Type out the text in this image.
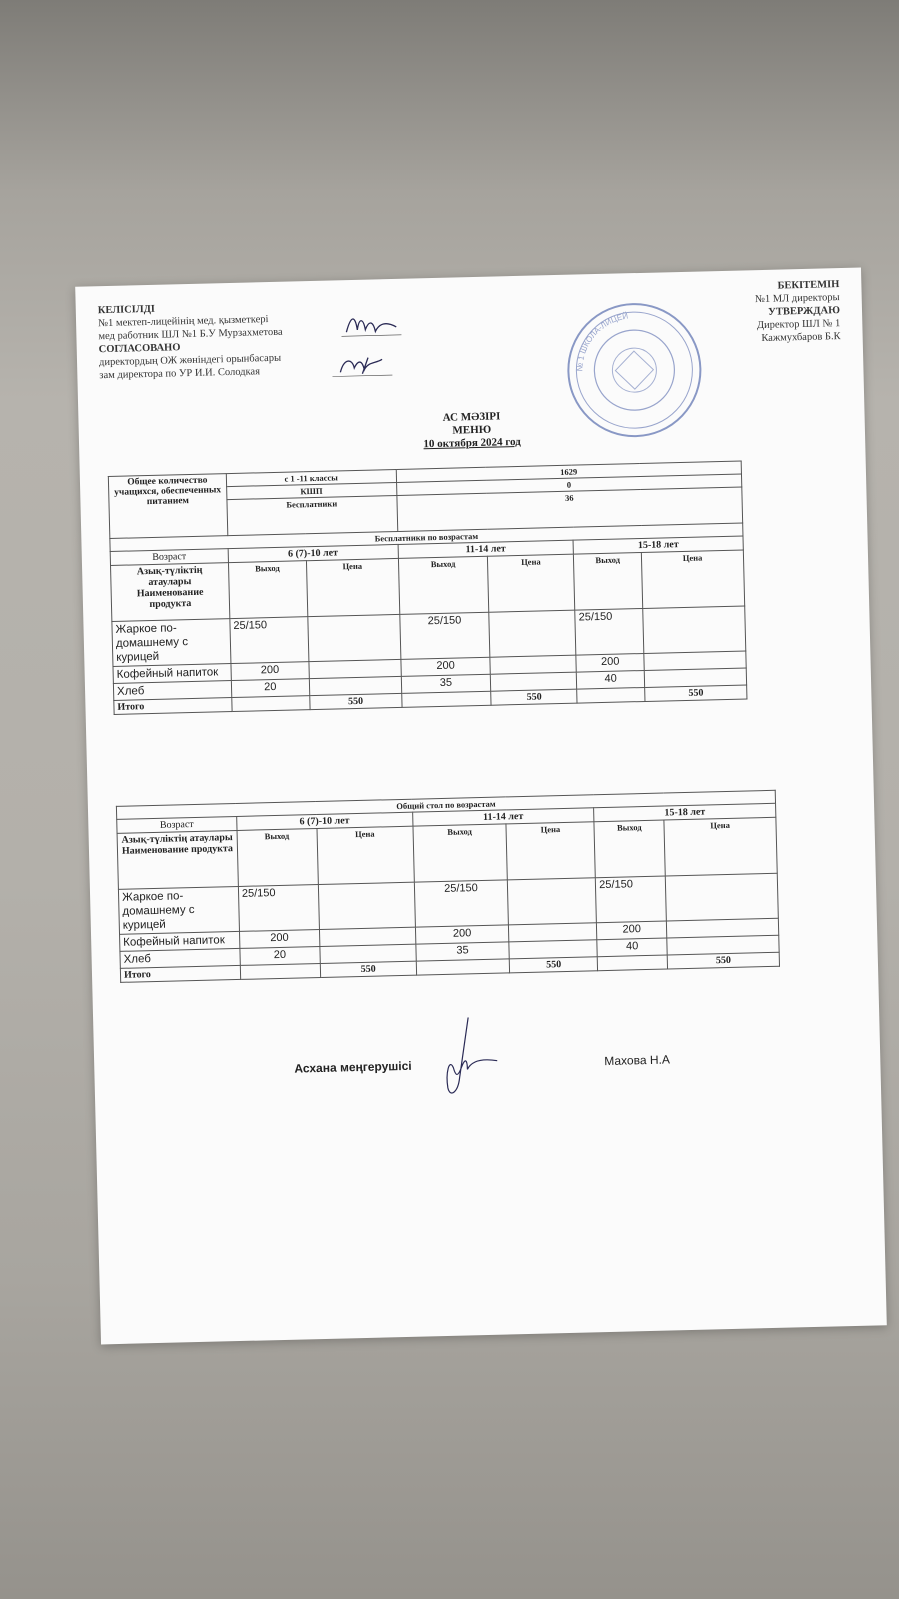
КЕЛІСІЛДІ
№1 мектеп-лицейінің мед. қызметкері
мед работник ШЛ №1 Б.У Мурзахметова
СОГЛАСОВАНО
директордың ОЖ жөніндегі орынбасары
зам директора по УР И.И. Солодкая
БЕКІТЕМІН
№1 МЛ директоры
УТВЕРЖДАЮ
Директор ШЛ № 1
Кажмухбаров Б.К
№ 1 ШКОЛА-ЛИЦЕЙ
АС МӘЗІРІ
МЕНЮ
10 октября 2024 год
Общее количество учащихся, обеспеченных питанием	с 1 -11 классы		1629			
	КШП		0			
	Бесплатники		36			
Бесплатники по возрастам						
Возраст	6 (7)-10 лет		11-14 лет		15-18 лет	
Азық-түліктің атаулары Наименование продукта	Выход	Цена	Выход	Цена	Выход	Цена
Жаркое по-домашнему с курицей	25/150		25/150		25/150	
Кофейный напиток	200		200		200	
Хлеб	20		35		40	
Итого		550		550		550
Общий стол по возрастам						
Возраст	6 (7)-10 лет		11-14 лет		15-18 лет	
Азық-түліктің атаулары Наименование продукта	Выход	Цена	Выход	Цена	Выход	Цена
Жаркое по-домашнему с курицей	25/150		25/150		25/150	
Кофейный напиток	200		200		200	
Хлеб	20		35		40	
Итого		550		550		550
Асхана меңгерушісі	Махова Н.А
